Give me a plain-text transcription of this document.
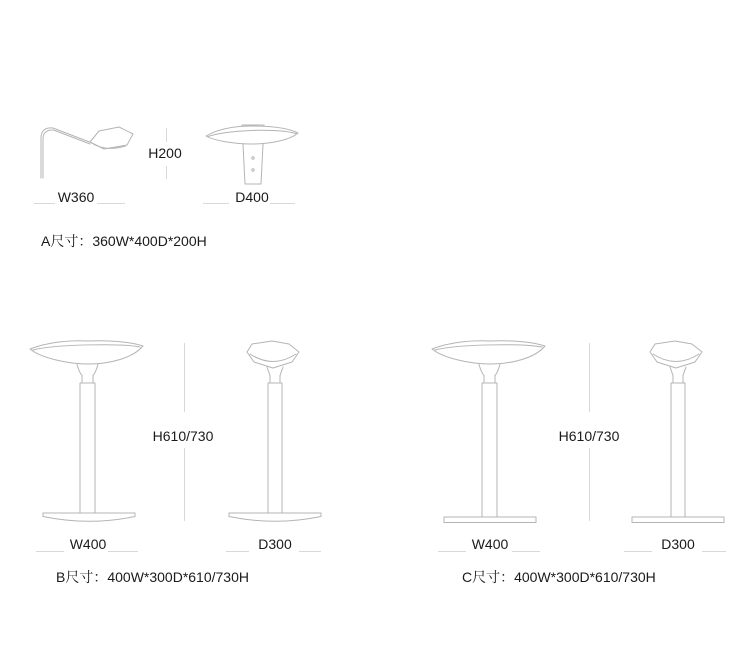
H200
W360	D400
A尺寸：360W*400D*200H
H610/730
W400	D300
B尺寸：400W*300D*610/730H
H610/730
W400	D300
C尺寸：400W*300D*610/730H
